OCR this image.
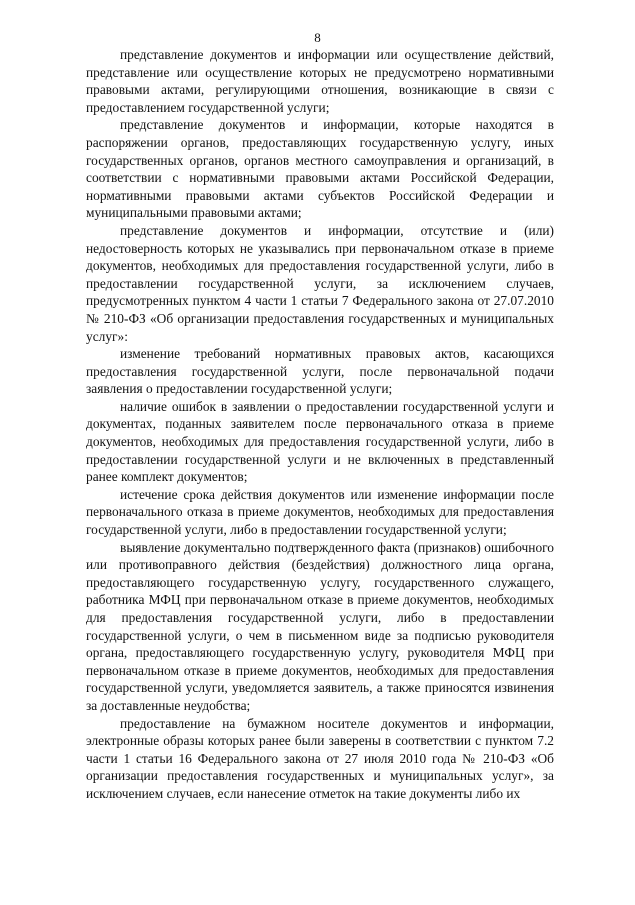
8

представление документов и информации или осуществление действий, представление или осуществление которых не предусмотрено нормативными правовыми актами, регулирующими отношения, возникающие в связи с предоставлением государственной услуги;

представление документов и информации, которые находятся в распоряжении органов, предоставляющих государственную услугу, иных государственных органов, органов местного самоуправления и организаций, в соответствии с нормативными правовыми актами Российской Федерации, нормативными правовыми актами субъектов Российской Федерации и муниципальными правовыми актами;

представление документов и информации, отсутствие и (или) недостоверность которых не указывались при первоначальном отказе в приеме документов, необходимых для предоставления государственной услуги, либо в предоставлении государственной услуги, за исключением случаев, предусмотренных пунктом 4 части 1 статьи 7 Федерального закона от 27.07.2010 № 210-ФЗ «Об организации предоставления государственных и муниципальных услуг»:

изменение требований нормативных правовых актов, касающихся предоставления государственной услуги, после первоначальной подачи заявления о предоставлении государственной услуги;

наличие ошибок в заявлении о предоставлении государственной услуги и документах, поданных заявителем после первоначального отказа в приеме документов, необходимых для предоставления государственной услуги, либо в предоставлении государственной услуги и не включенных в представленный ранее комплект документов;

истечение срока действия документов или изменение информации после первоначального отказа в приеме документов, необходимых для предоставления государственной услуги, либо в предоставлении государственной услуги;

выявление документально подтвержденного факта (признаков) ошибочного или противоправного действия (бездействия) должностного лица органа, предоставляющего государственную услугу, государственного служащего, работника МФЦ при первоначальном отказе в приеме документов, необходимых для предоставления государственной услуги, либо в предоставлении государственной услуги, о чем в письменном виде за подписью руководителя органа, предоставляющего государственную услугу, руководителя МФЦ при первоначальном отказе в приеме документов, необходимых для предоставления государственной услуги, уведомляется заявитель, а также приносятся извинения за доставленные неудобства;

предоставление на бумажном носителе документов и информации, электронные образы которых ранее были заверены в соответствии с пунктом 7.2 части 1 статьи 16 Федерального закона от 27 июля 2010 года № 210-ФЗ «Об организации предоставления государственных и муниципальных услуг», за исключением случаев, если нанесение отметок на такие документы либо их
